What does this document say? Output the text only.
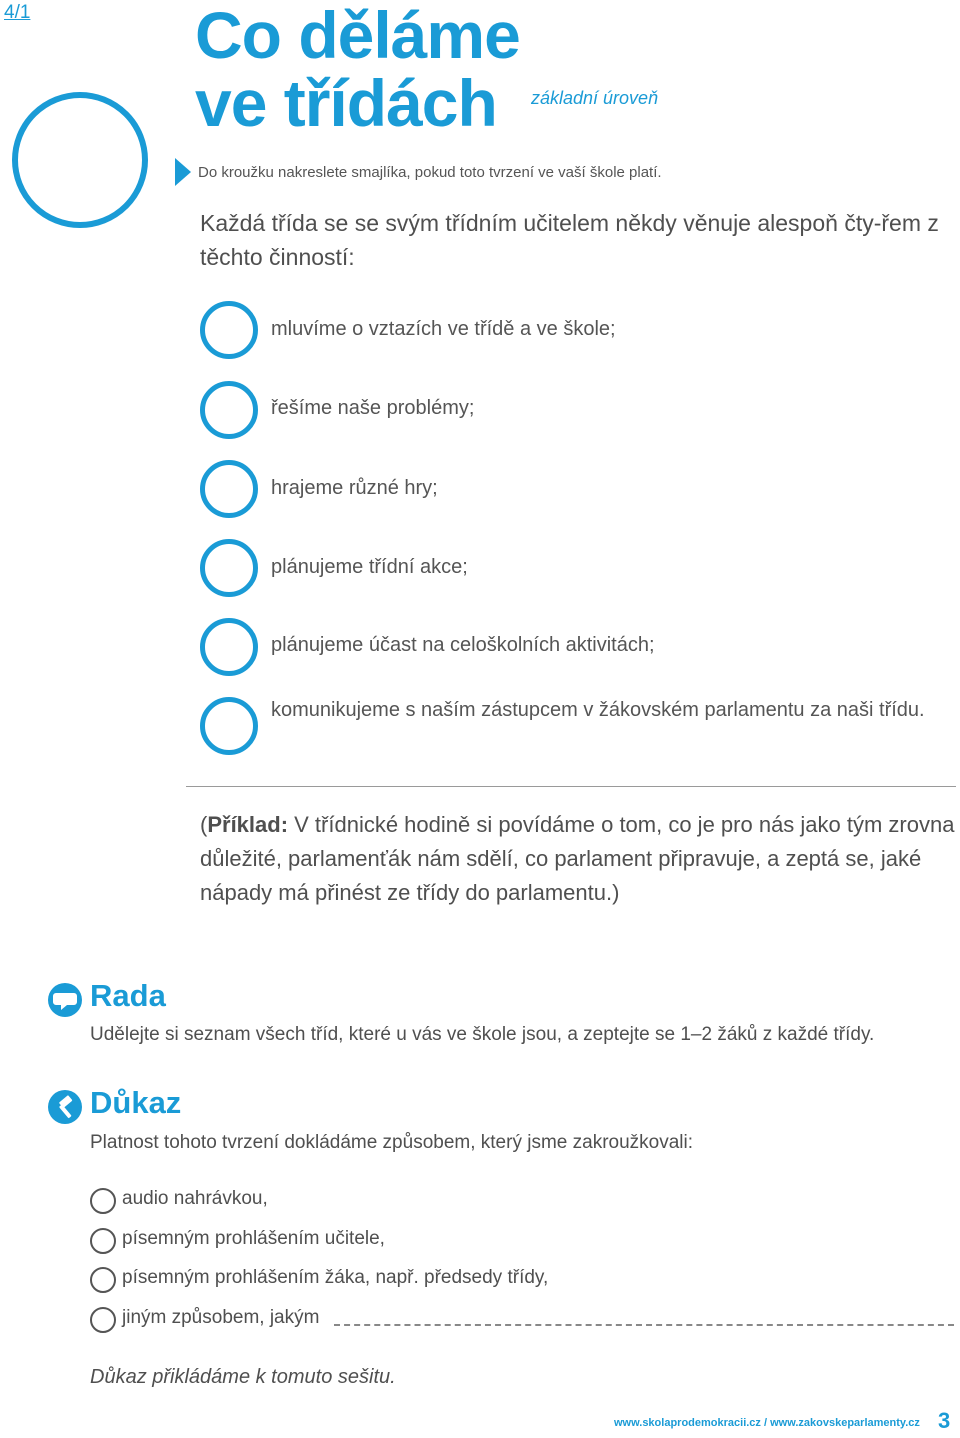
4/1 Co děláme
ve třídách základní úroveň
Do kroužku nakreslete smajlíka, pokud toto tvrzení ve vaší škole platí.
Každá třída se se svým třídním učitelem někdy věnuje alespoň čty-řem z těchto činností:
mluvíme o vztazích ve třídě a ve škole;
řešíme naše problémy;
hrajeme různé hry;
plánujeme třídní akce;
plánujeme účast na celoškolních aktivitách;
komunikujeme s naším zástupcem v žákovském parlamentu za naši třídu.
(Příklad: V třídnické hodině si povídáme o tom, co je pro nás jako tým zrovna důležité, parlamenťák nám sdělí, co parlament připravuje, a zeptá se, jaké nápady má přinést ze třídy do parlamentu.)
Rada
Udělejte si seznam všech tříd, které u vás ve škole jsou, a zeptejte se 1–2 žáků z každé třídy.
Důkaz
Platnost tohoto tvrzení dokládáme způsobem, který jsme zakroužkovali:
audio nahrávkou,
písemným prohlášením učitele,
písemným prohlášením žáka, např. předsedy třídy,
jiným způsobem, jakým
Důkaz přikládáme k tomuto sešitu.
www.skolaprodemokracii.cz / www.zakovskeparlamenty.cz 3
